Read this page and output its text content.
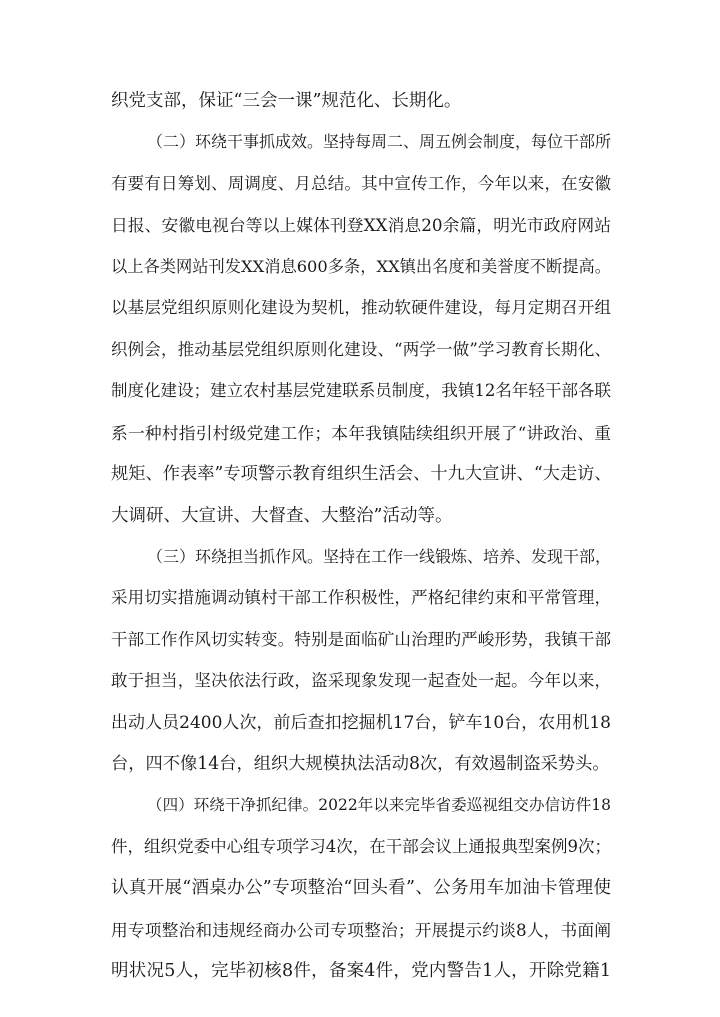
织党支部，保证“三会一课”规范化、长期化。
（二）环绕干事抓成效。坚持每周二、周五例会制度，每位干部所
有要有日筹划、周调度、月总结。其中宣传工作，今年以来，在安徽
日报、安徽电视台等以上媒体刊登XX消息20余篇，明光市政府网站
以上各类网站刊发XX消息600多条，XX镇出名度和美誉度不断提高。
以基层党组织原则化建设为契机，推动软硬件建设，每月定期召开组
织例会，推动基层党组织原则化建设、“两学一做”学习教育长期化、
制度化建设；建立农村基层党建联系员制度，我镇12名年轻干部各联
系一种村指引村级党建工作；本年我镇陆续组织开展了“讲政治、重
规矩、作表率”专项警示教育组织生活会、十九大宣讲、“大走访、
大调研、大宣讲、大督查、大整治”活动等。
（三）环绕担当抓作风。坚持在工作一线锻炼、培养、发现干部，
采用切实措施调动镇村干部工作积极性，严格纪律约束和平常管理，
干部工作作风切实转变。特别是面临矿山治理旳严峻形势，我镇干部
敢于担当，坚决依法行政，盗采现象发现一起查处一起。今年以来，
出动人员2400人次，前后查扣挖掘机17台，铲车10台，农用机18
台，四不像14台，组织大规模执法活动8次，有效遏制盗采势头。
（四）环绕干净抓纪律。2022年以来完毕省委巡视组交办信访件18
件，组织党委中心组专项学习4次，在干部会议上通报典型案例9次；
认真开展“酒桌办公”专项整治“回头看”、公务用车加油卡管理使
用专项整治和违规经商办公司专项整治；开展提示约谈8人，书面阐
明状况5人，完毕初核8件，备案4件，党内警告1人，开除党籍1
